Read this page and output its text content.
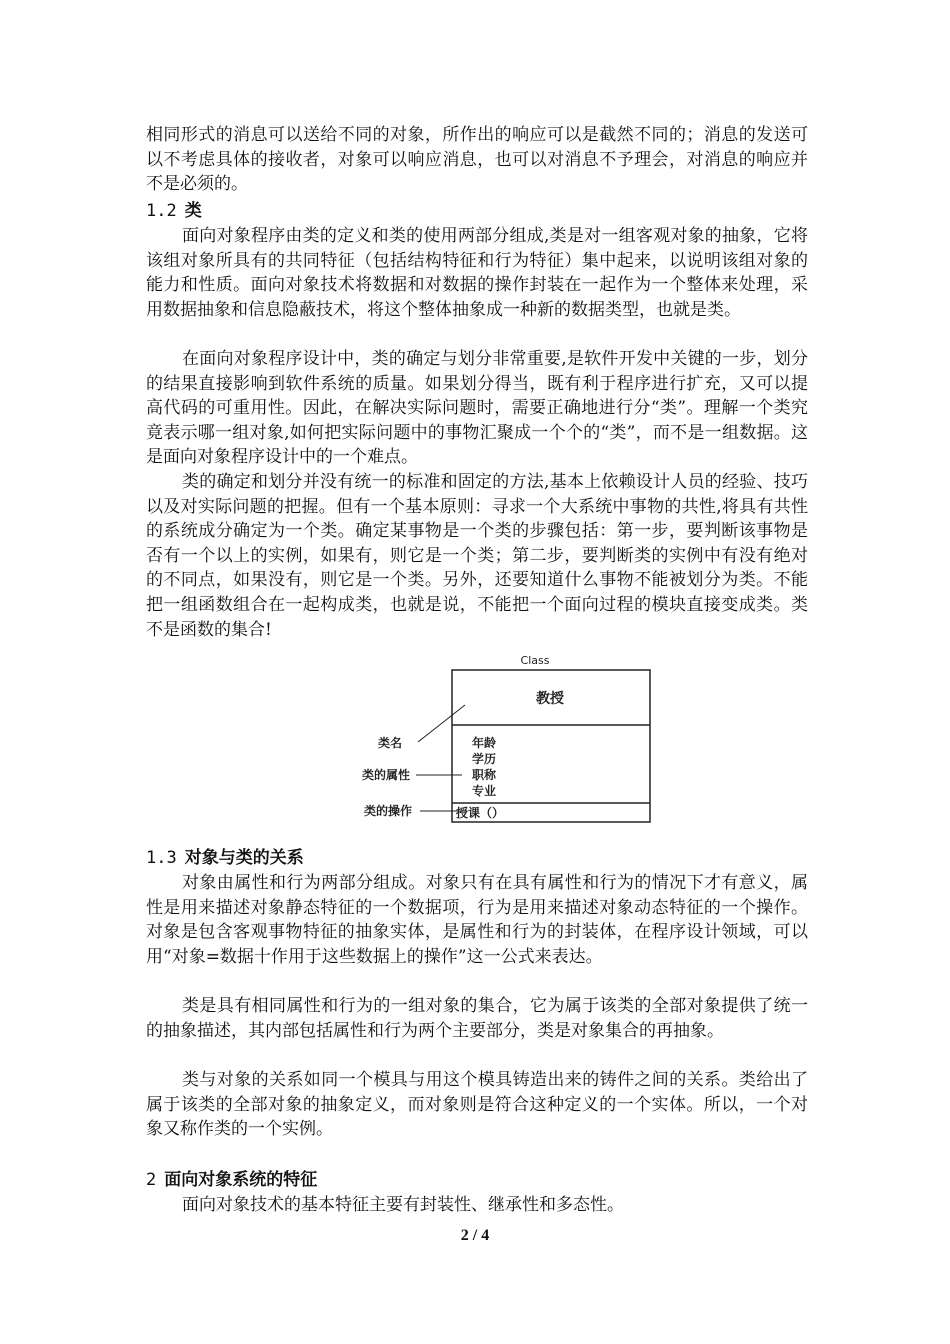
相同形式的消息可以送给不同的对象，所作出的响应可以是截然不同的；消息的发送可以不考虑具体的接收者，对象可以响应消息，也可以对消息不予理会，对消息的响应并不是必须的。

1.2 类

面向对象程序由类的定义和类的使用两部分组成,类是对一组客观对象的抽象，它将该组对象所具有的共同特征（包括结构特征和行为特征）集中起来，以说明该组对象的能力和性质。面向对象技术将数据和对数据的操作封装在一起作为一个整体来处理，采用数据抽象和信息隐蔽技术，将这个整体抽象成一种新的数据类型，也就是类。

在面向对象程序设计中，类的确定与划分非常重要,是软件开发中关键的一步，划分的结果直接影响到软件系统的质量。如果划分得当，既有利于程序进行扩充，又可以提高代码的可重用性。因此，在解决实际问题时，需要正确地进行分“类”。理解一个类究竟表示哪一组对象,如何把实际问题中的事物汇聚成一个个的“类”，而不是一组数据。这是面向对象程序设计中的一个难点。

类的确定和划分并没有统一的标准和固定的方法,基本上依赖设计人员的经验、技巧以及对实际问题的把握。但有一个基本原则：寻求一个大系统中事物的共性,将具有共性的系统成分确定为一个类。确定某事物是一个类的步骤包括：第一步，要判断该事物是否有一个以上的实例，如果有，则它是一个类；第二步，要判断类的实例中有没有绝对的不同点，如果没有，则它是一个类。另外，还要知道什么事物不能被划分为类。不能把一组函数组合在一起构成类，也就是说，不能把一个面向过程的模块直接变成类。类不是函数的集合!

Class
教授
年龄
学历
职称
专业
授课（）
类名
类的属性
类的操作
1.3 对象与类的关系

对象由属性和行为两部分组成。对象只有在具有属性和行为的情况下才有意义，属性是用来描述对象静态特征的一个数据项，行为是用来描述对象动态特征的一个操作。对象是包含客观事物特征的抽象实体，是属性和行为的封装体，在程序设计领域，可以用“对象=数据十作用于这些数据上的操作”这一公式来表达。

类是具有相同属性和行为的一组对象的集合，它为属于该类的全部对象提供了统一的抽象描述，其内部包括属性和行为两个主要部分，类是对象集合的再抽象。

类与对象的关系如同一个模具与用这个模具铸造出来的铸件之间的关系。类给出了属于该类的全部对象的抽象定义，而对象则是符合这种定义的一个实体。所以，一个对象又称作类的一个实例。

2 面向对象系统的特征

面向对象技术的基本特征主要有封装性、继承性和多态性。

2 / 4
